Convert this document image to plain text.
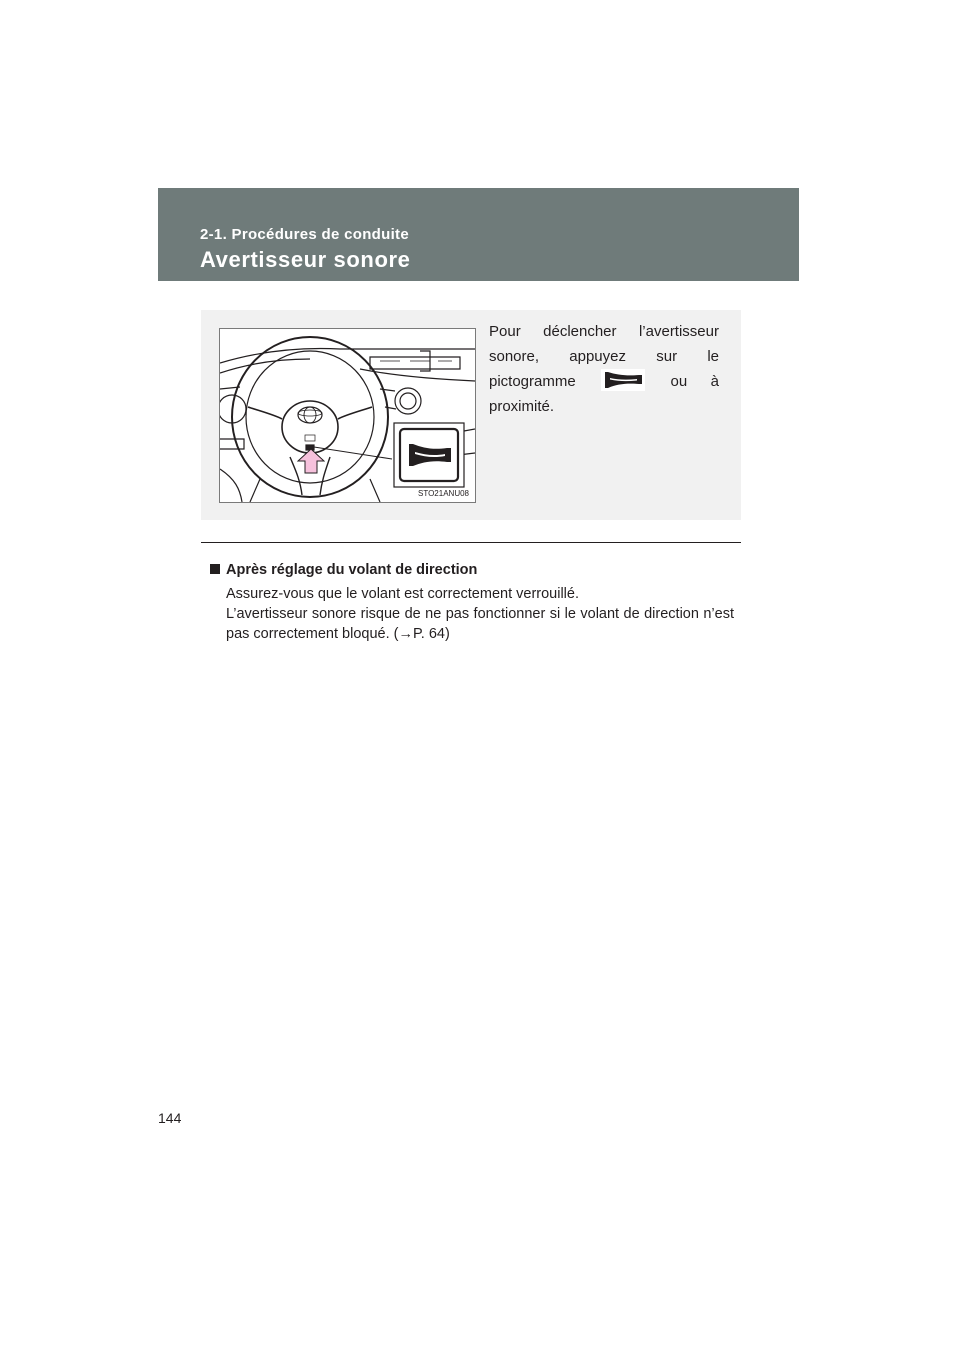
2-1. Procédures de conduite
Avertisseur sonore
STO21ANU08
Pour déclencher l’avertisseur sonore, appuyez sur le pictogramme	ou à proximité.
Après réglage du volant de direction

Assurez-vous que le volant est correctement verrouillé.

L’avertisseur sonore risque de ne pas fonctionner si le volant de direction n’est pas correctement bloqué. (→P. 64)

144
